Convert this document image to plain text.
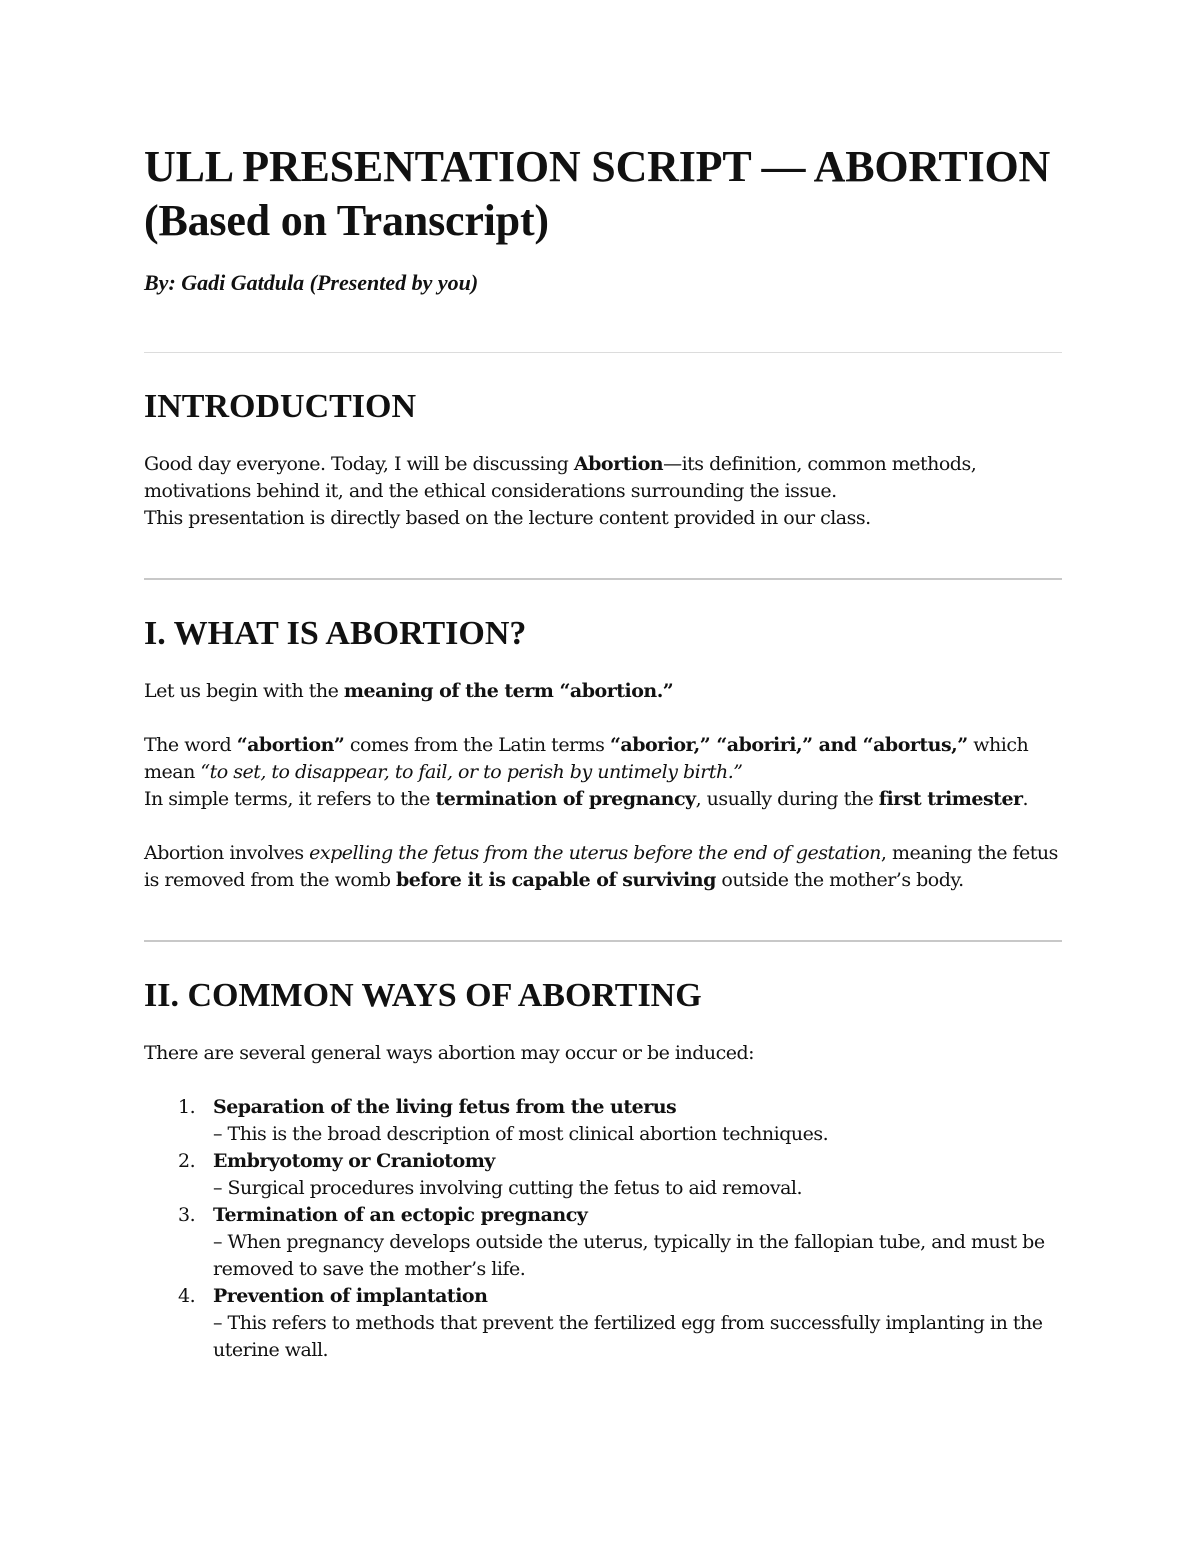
ULL PRESENTATION SCRIPT — ABORTION (Based on Transcript)
By: Gadi Gatdula (Presented by you)
INTRODUCTION

Good day everyone. Today, I will be discussing Abortion—its definition, common methods, motivations behind it, and the ethical considerations surrounding the issue.
This presentation is directly based on the lecture content provided in our class.

I. WHAT IS ABORTION?

Let us begin with the meaning of the term “abortion.”

The word “abortion” comes from the Latin terms “aborior,” “aboriri,” and “abortus,” which mean “to set, to disappear, to fail, or to perish by untimely birth.”
In simple terms, it refers to the termination of pregnancy, usually during the first trimester.

Abortion involves expelling the fetus from the uterus before the end of gestation, meaning the fetus is removed from the womb before it is capable of surviving outside the mother’s body.

II. COMMON WAYS OF ABORTING

There are several general ways abortion may occur or be induced:

1. Separation of the living fetus from the uterus
– This is the broad description of most clinical abortion techniques.
2. Embryotomy or Craniotomy
– Surgical procedures involving cutting the fetus to aid removal.
3. Termination of an ectopic pregnancy
– When pregnancy develops outside the uterus, typically in the fallopian tube, and must be removed to save the mother’s life.
4. Prevention of implantation
– This refers to methods that prevent the fertilized egg from successfully implanting in the uterine wall.
